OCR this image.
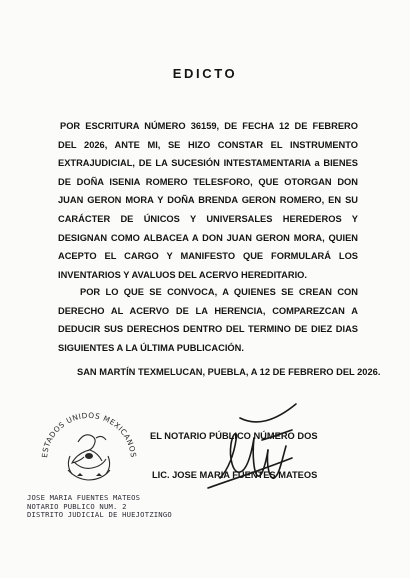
EDICTO

POR ESCRITURA NÚMERO 36159, DE FECHA 12 DE FEBRERO DEL 2026, ANTE MI, SE HIZO CONSTAR EL INSTRUMENTO EXTRAJUDICIAL, DE LA SUCESIÓN INTESTAMENTARIA a BIENES DE DOÑA ISENIA ROMERO TELESFORO, QUE OTORGAN DON JUAN GERON MORA Y DOÑA BRENDA GERON ROMERO, EN SU CARÁCTER DE ÚNICOS Y UNIVERSALES HEREDEROS Y DESIGNAN COMO ALBACEA A DON JUAN GERON MORA, QUIEN ACEPTO EL CARGO Y MANIFESTO QUE FORMULARÁ LOS INVENTARIOS Y AVALUOS DEL ACERVO HEREDITARIO.

POR LO QUE SE CONVOCA, A QUIENES SE CREAN CON DERECHO AL ACERVO DE LA HERENCIA, COMPAREZCAN A DEDUCIR SUS DERECHOS DENTRO DEL TERMINO DE DIEZ DIAS SIGUIENTES A LA ÚLTIMA PUBLICACIÓN.

SAN MARTÍN TEXMELUCAN, PUEBLA, A 12 DE FEBRERO DEL 2026.
ESTADOS UNIDOS MEXICANOS
EL NOTARIO PÚBLICO NÚMERO DOS
LIC. JOSE MARIA FUENTES MATEOS
JOSE MARIA FUENTES MATEOS
NOTARIO PUBLICO NUM. 2
DISTRITO JUDICIAL DE HUEJOTZINGO
